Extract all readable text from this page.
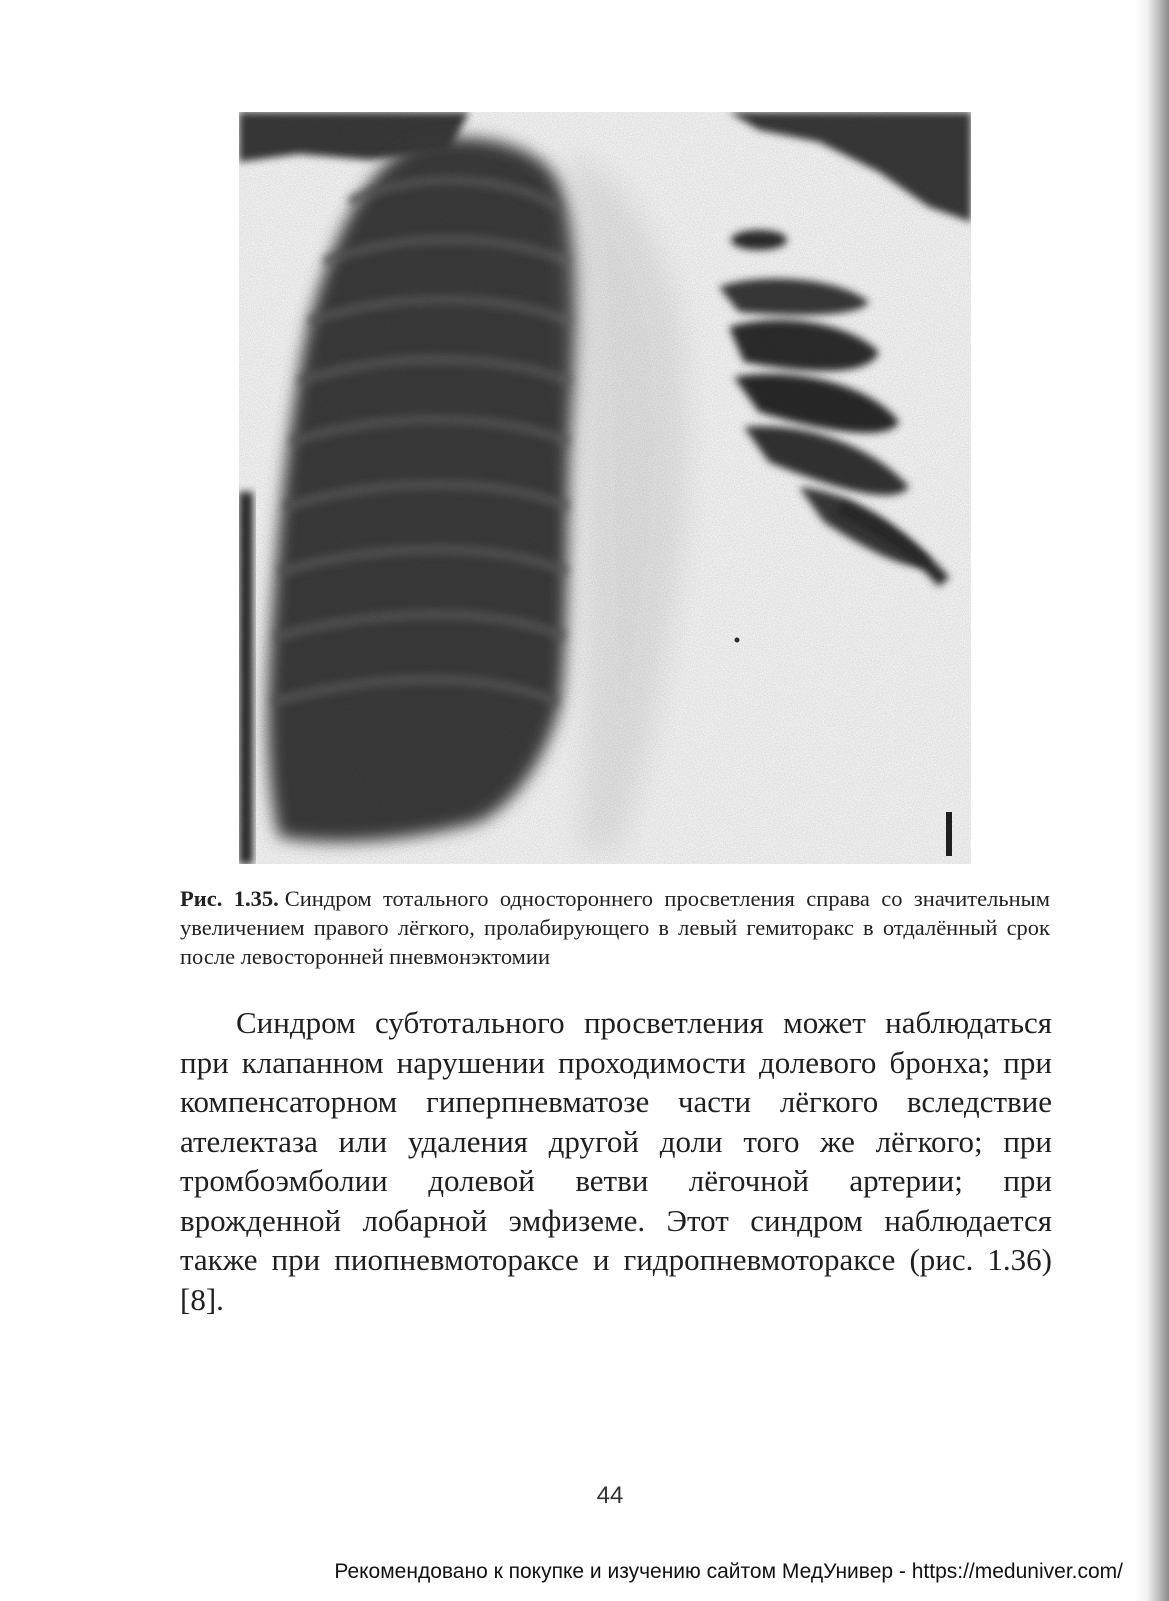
Рис. 1.35. Синдром тотального одностороннего просветления справа со значительным увеличением правого лёгкого, пролабирующего в левый гемиторакс в отдалённый срок после левосторонней пневмонэктомии

Синдром субтотального просветления может наблюдаться при клапанном нарушении проходимости долевого бронха; при компенсаторном гиперпневматозе части лёгкого вследствие ателектаза или удаления другой доли того же лёгкого; при тромбоэмболии долевой ветви лёгочной артерии; при врожденной лобарной эмфиземе. Этот синдром наблюдается также при пиопневмотораксе и гидропневмотораксе (рис. 1.36) [8].

44
Рекомендовано к покупке и изучению сайтом МедУнивер - https://meduniver.com/
